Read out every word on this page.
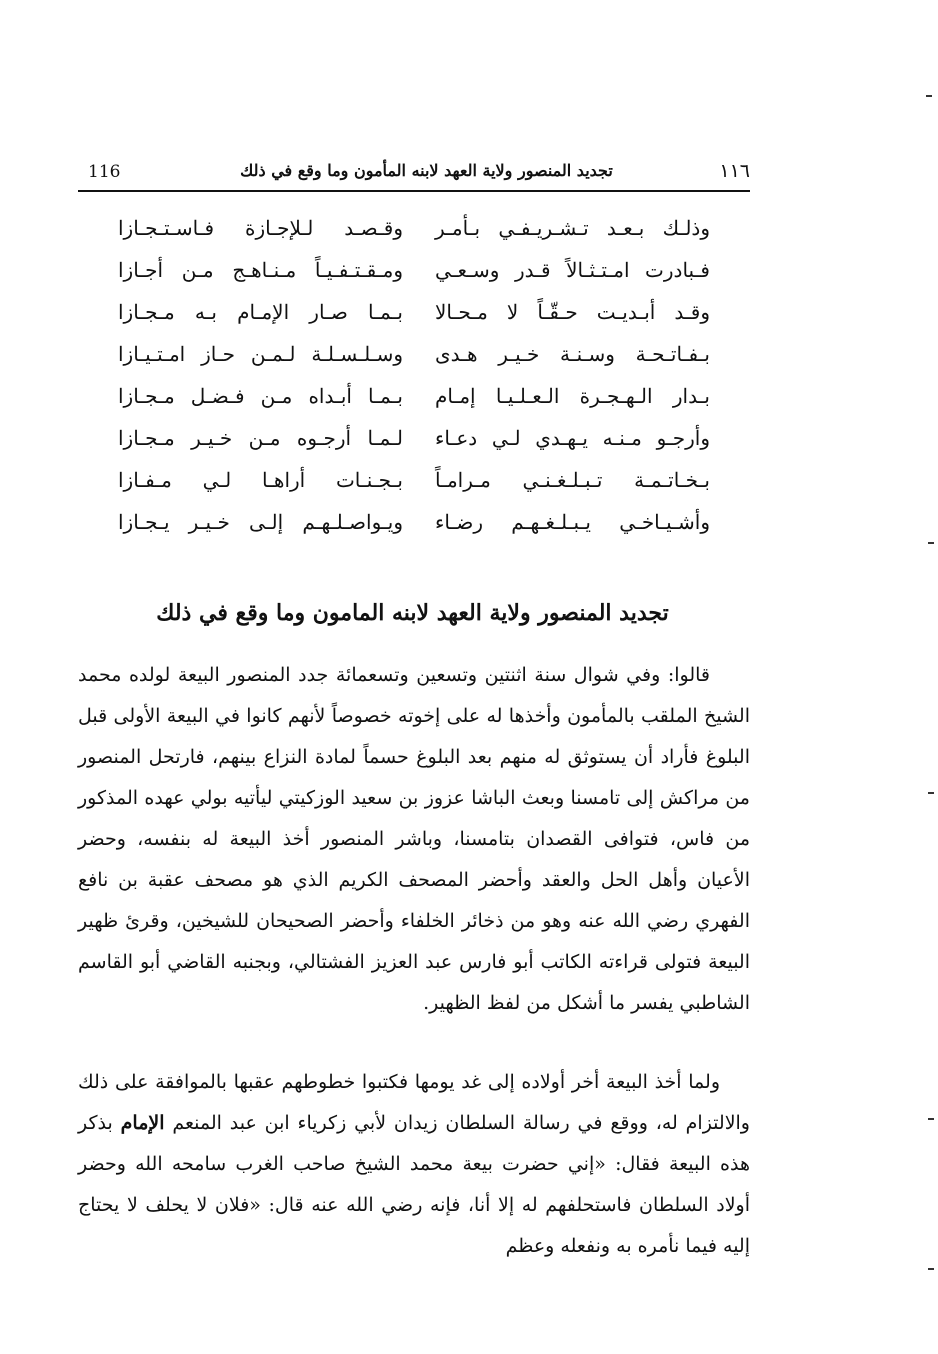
116	تجديد المنصور ولاية العهد لابنه المأمون وما وقع في ذلك	١١٦
وذلـك بـعـد تـشـريـفـي بـأمـر
وقـصـد لـلإجـازة فـاسـتـجـازا
فـبادرت امـتـثـالاً قـدر وسـعـي
ومـقـتـفـيـاً مـنـاهـج مـن أجـازا
وقـد أبـديـت حـقّـاً لا مـحـالا
بـمـا صـار الإمـام بـه مـجـازا
بـفـاتـحـة وسـنـة خـيـر هـدى
وسـلـسـلـة لـمـن حـاز امـتـيـازا
بـدار الـهـجـرة الـعـلـيـا إمـام
بـمـا أبـداه مـن فـضـل مـجـازا
وأرجـو مـنـه يـهـدي لـي دعـاء
لـمـا أرجـوه مـن خـيـر مـجـازا
بـخـاتـمـة تـبـلـغـنـي مـرامـاً
بـجـنـات أراهـا لـي مـفـازا
وأشـيـاخـي يـبـلـغـهـم رضـاء
ويـواصـلـهـم إلـى خـيـر يـجـازا
تجديد المنصور ولاية العهد لابنه المامون وما وقع في ذلك

قالوا: وفي شوال سنة اثنتين وتسعين وتسعمائة جدد المنصور البيعة لولده محمد الشيخ الملقب بالمأمون وأخذها له على إخوته خصوصاً لأنهم كانوا في البيعة الأولى قبل البلوغ فأراد أن يستوثق له منهم بعد البلوغ حسماً لمادة النزاع بينهم، فارتحل المنصور من مراكش إلى تامسنا وبعث الباشا عزوز بن سعيد الوزكيتي ليأتيه بولي عهده المذكور من فاس، فتوافى القصدان بتامسنا، وباشر المنصور أخذ البيعة له بنفسه، وحضر الأعيان وأهل الحل والعقد وأحضر المصحف الكريم الذي هو مصحف عقبة بن نافع الفهري رضي الله عنه وهو من ذخائر الخلفاء وأحضر الصحيحان للشيخين، وقرئ ظهير البيعة فتولى قراءته الكاتب أبو فارس عبد العزيز الفشتالي، وبجنبه القاضي أبو القاسم الشاطبي يفسر ما أشكل من لفظ الظهير.

ولما أخذ البيعة أخر أولاده إلى غد يومها فكتبوا خطوطهم عقبها بالموافقة على ذلك والالتزام له، ووقع في رسالة السلطان زيدان لأبي زكرياء ابن عبد المنعم الإمام بذكر هذه البيعة فقال: «إني حضرت بيعة محمد الشيخ صاحب الغرب سامحه الله وحضر أولاد السلطان فاستحلفهم له إلا أنا، فإنه رضي الله عنه قال: «فلان لا يحلف لا يحتاج إليه فيما نأمره به ونفعله وعظم
